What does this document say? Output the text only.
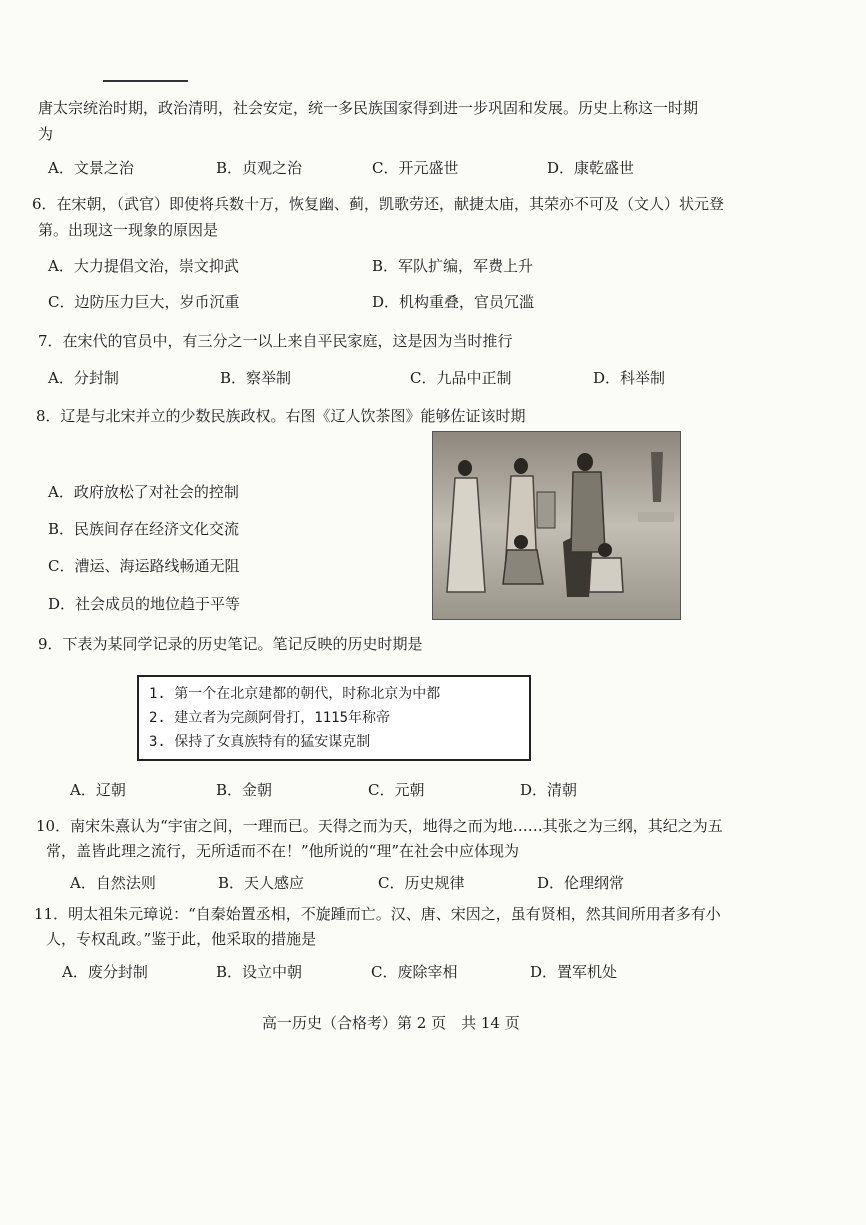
唐太宗统治时期，政治清明，社会安定，统一多民族国家得到进一步巩固和发展。历史上称这一时期
为
A．文景之治	B．贞观之治	C．开元盛世	D．康乾盛世
6．在宋朝，（武官）即使将兵数十万，恢复幽、蓟，凯歌劳还，献捷太庙，其荣亦不可及（文人）状元登
第。出现这一现象的原因是
A．大力提倡文治，崇文抑武	B．军队扩编，军费上升
C．边防压力巨大，岁币沉重	D．机构重叠，官员冗滥
7．在宋代的官员中，有三分之一以上来自平民家庭，这是因为当时推行
A．分封制	B．察举制	C．九品中正制	D．科举制
8．辽是与北宋并立的少数民族政权。右图《辽人饮茶图》能够佐证该时期
A．政府放松了对社会的控制
B．民族间存在经济文化交流
C．漕运、海运路线畅通无阻
D．社会成员的地位趋于平等
9．下表为某同学记录的历史笔记。笔记反映的历史时期是
1. 第一个在北京建都的朝代，时称北京为中都
2. 建立者为完颜阿骨打，1115年称帝
3. 保持了女真族特有的猛安谋克制
A．辽朝	B．金朝	C．元朝	D．清朝
10．南宋朱熹认为“宇宙之间，一理而已。天得之而为天，地得之而为地……其张之为三纲，其纪之为五
常，盖皆此理之流行，无所适而不在！”他所说的“理”在社会中应体现为
A．自然法则	B．天人感应	C．历史规律	D．伦理纲常
11．明太祖朱元璋说：“自秦始置丞相，不旋踵而亡。汉、唐、宋因之，虽有贤相，然其间所用者多有小
人，专权乱政。”鉴于此，他采取的措施是
A．废分封制	B．设立中朝	C．废除宰相	D．置军机处
高一历史（合格考）第 2 页　共 14 页
